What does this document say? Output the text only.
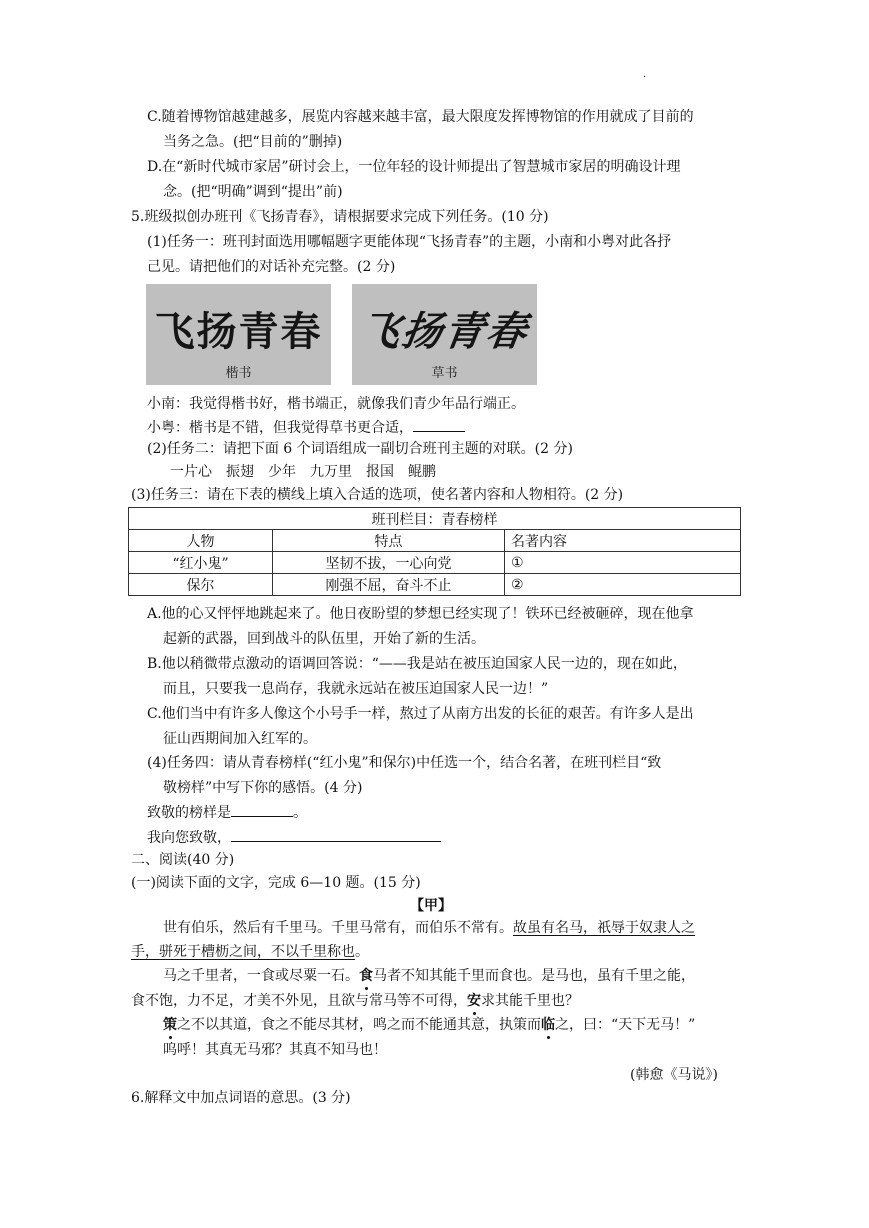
.
C.随着博物馆越建越多，展览内容越来越丰富，最大限度发挥博物馆的作用就成了目前的
当务之急。(把“目前的”删掉)
D.在“新时代城市家居”研讨会上，一位年轻的设计师提出了智慧城市家居的明确设计理
念。(把“明确”调到“提出”前)
5.班级拟创办班刊《飞扬青春》，请根据要求完成下列任务。(10 分)
(1)任务一：班刊封面选用哪幅题字更能体现“飞扬青春”的主题，小南和小粤对此各抒
己见。请把他们的对话补充完整。(2 分)
飞扬青春
楷书
飞扬青春
草书
小南：我觉得楷书好，楷书端正，就像我们青少年品行端正。
小粤：楷书是不错，但我觉得草书更合适，
(2)任务二：请把下面 6 个词语组成一副切合班刊主题的对联。(2 分)
一片心 振翅 少年 九万里 报国 鲲鹏
(3)任务三：请在下表的横线上填入合适的选项，使名著内容和人物相符。(2 分)
班刊栏目：青春榜样		
人物	特点	名著内容
“红小鬼”	坚韧不拔，一心向党	①
保尔	刚强不屈，奋斗不止	②
A.他的心又怦怦地跳起来了。他日夜盼望的梦想已经实现了！铁环已经被砸碎，现在他拿
起新的武器，回到战斗的队伍里，开始了新的生活。
B.他以稍微带点激动的语调回答说：“——我是站在被压迫国家人民一边的，现在如此，
而且，只要我一息尚存，我就永远站在被压迫国家人民一边！”
C.他们当中有许多人像这个小号手一样，熬过了从南方出发的长征的艰苦。有许多人是出
征山西期间加入红军的。
(4)任务四：请从青春榜样(“红小鬼”和保尔)中任选一个，结合名著，在班刊栏目“致
敬榜样”中写下你的感悟。(4 分)
致敬的榜样是	。
我向您致敬，
二、阅读(40 分)
(一)阅读下面的文字，完成 6—10 题。(15 分)
【甲】
世有伯乐，然后有千里马。千里马常有，而伯乐不常有。故虽有名马，祇辱于奴隶人之
手，骈死于槽枥之间，不以千里称也。
马之千里者，一食或尽粟一石。食马者不知其能千里而食也。是马也，虽有千里之能，
食不饱，力不足，才美不外见，且欲与常马等不可得，安求其能千里也？
策之不以其道，食之不能尽其材，鸣之而不能通其意，执策而临之，曰：“天下无马！”
呜呼！其真无马邪？其真不知马也！
(韩愈《马说》)
6.解释文中加点词语的意思。(3 分)
